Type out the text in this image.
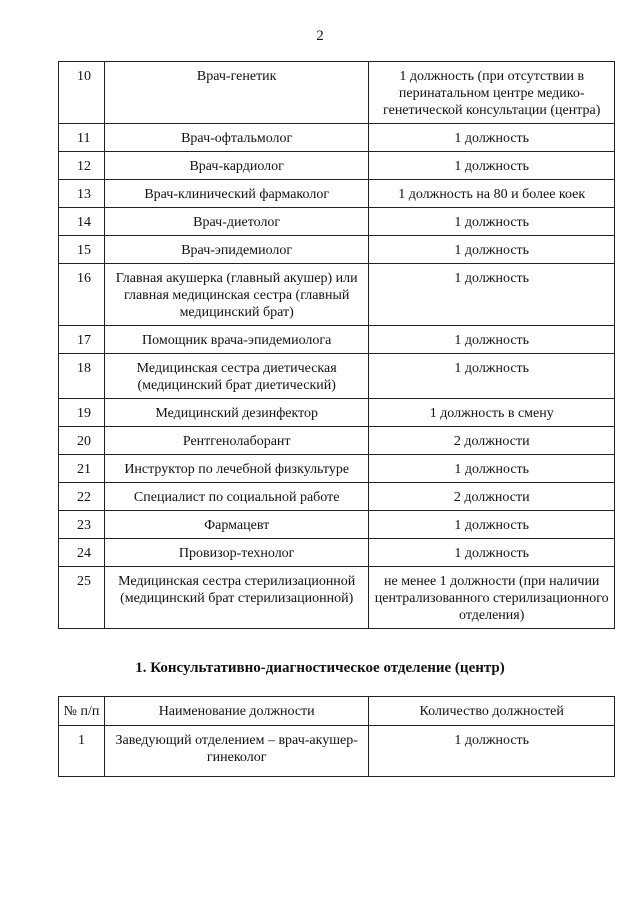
2
10	Врач-генетик	1 должность (при отсутствии в перинатальном центре медико-генетической консультации (центра)
11	Врач-офтальмолог	1 должность
12	Врач-кардиолог	1 должность
13	Врач-клинический фармаколог	1 должность на 80 и более коек
14	Врач-диетолог	1 должность
15	Врач-эпидемиолог	1 должность
16	Главная акушерка (главный акушер) или главная медицинская сестра (главный медицинский брат)	1 должность
17	Помощник врача-эпидемиолога	1 должность
18	Медицинская сестра диетическая (медицинский брат диетический)	1 должность
19	Медицинский дезинфектор	1 должность в смену
20	Рентгенолаборант	2 должности
21	Инструктор по лечебной физкультуре	1 должность
22	Специалист по социальной работе	2 должности
23	Фармацевт	1 должность
24	Провизор-технолог	1 должность
25	Медицинская сестра стерилизационной (медицинский брат стерилизационной)	не менее 1 должности (при наличии централизованного стерилизационного отделения)
1. Консультативно-диагностическое отделение (центр)
№ п/п	Наименование должности	Количество должностей
1	Заведующий отделением – врач-акушер-гинеколог	1 должность
